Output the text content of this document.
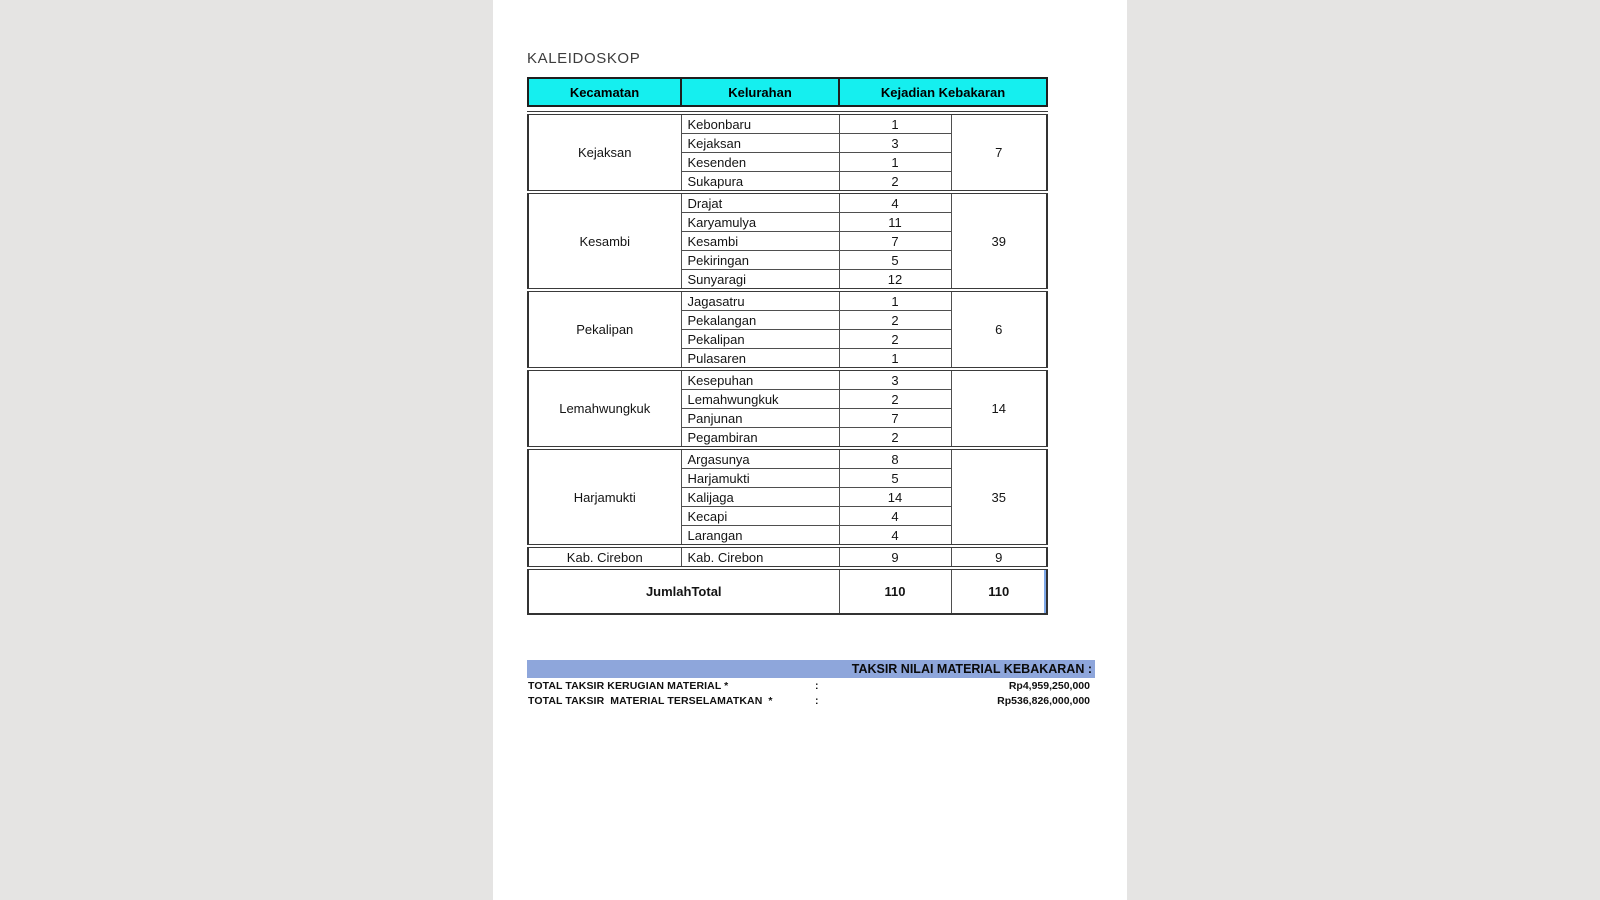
KALEIDOSKOP
Kecamatan	Kelurahan	Kejadian Kebakaran
Kejaksan	Kebonbaru	1	7
	Kejaksan	3	
	Kesenden	1	
	Sukapura	2	
Kesambi	Drajat	4	39
	Karyamulya	11	
	Kesambi	7	
	Pekiringan	5	
	Sunyaragi	12	
Pekalipan	Jagasatru	1	6
	Pekalangan	2	
	Pekalipan	2	
	Pulasaren	1	
Lemahwungkuk	Kesepuhan	3	14
	Lemahwungkuk	2	
	Panjunan	7	
	Pegambiran	2	
Harjamukti	Argasunya	8	35
	Harjamukti	5	
	Kalijaga	14	
	Kecapi	4	
	Larangan	4	
Kab. Cirebon	Kab. Cirebon	9	9
JumlahTotal		110	110
TAKSIR NILAI MATERIAL KEBAKARAN :
TOTAL TAKSIR KERUGIAN MATERIAL *	:	Rp4,959,250,000
TOTAL TAKSIR  MATERIAL TERSELAMATKAN  *	:	Rp536,826,000,000
